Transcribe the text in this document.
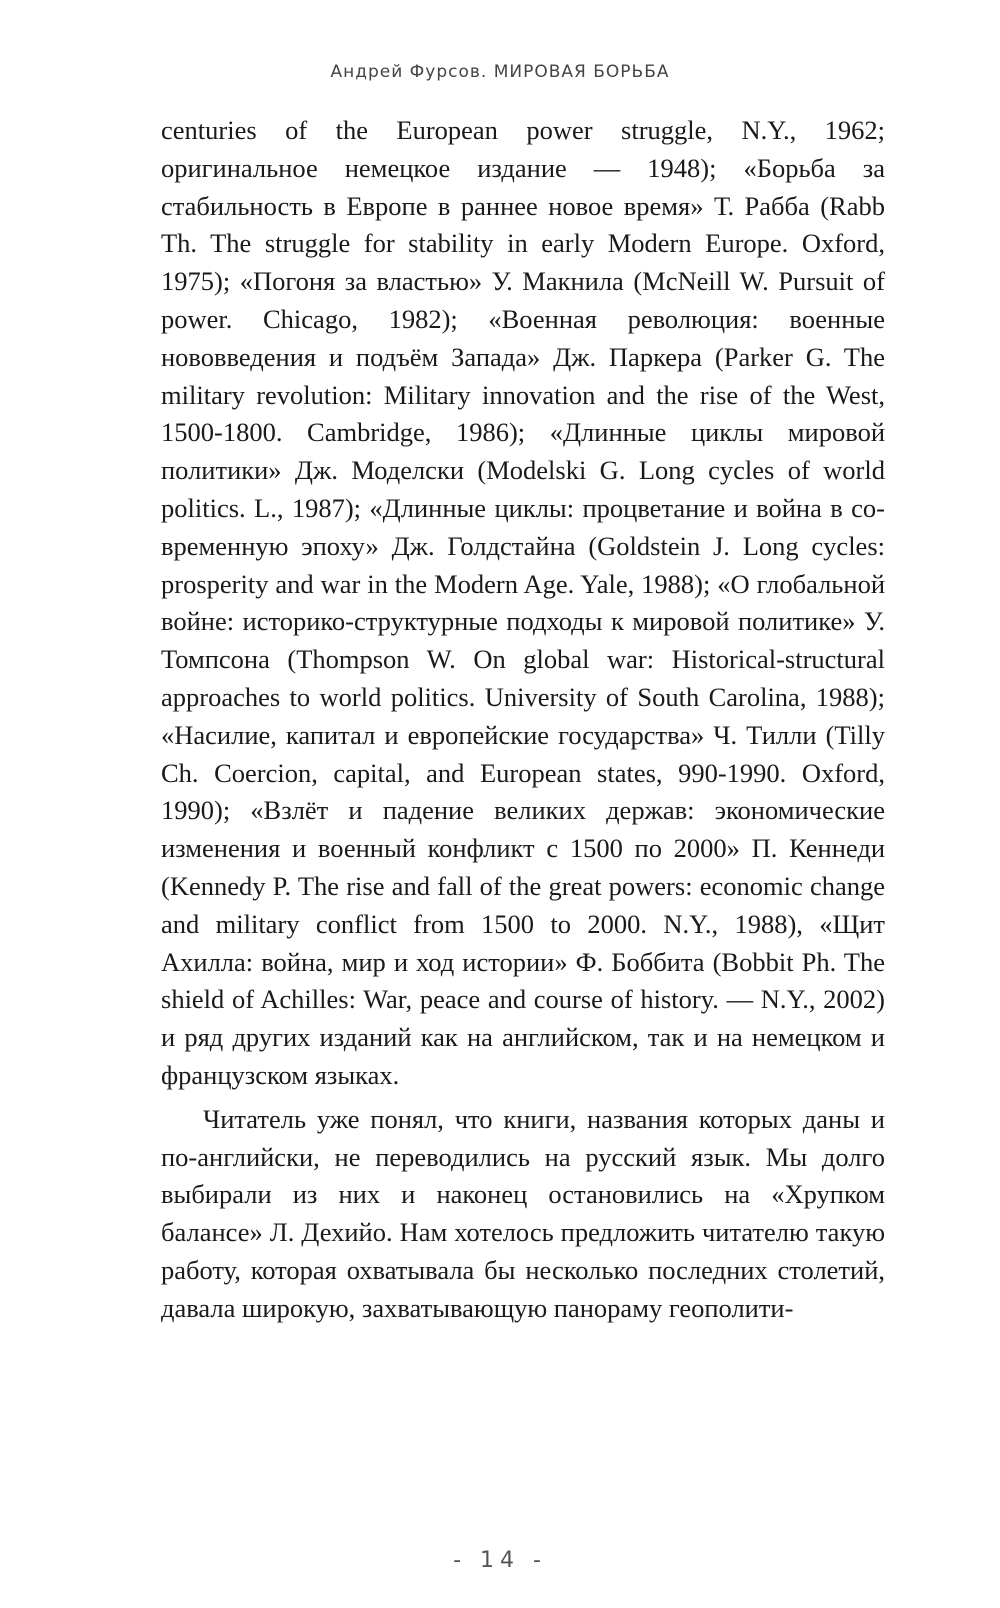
Андрей Фурсов. МИРОВАЯ БОРЬБА

centuries of the European power struggle, N.Y., 1962; оригинальное немецкое издание — 1948); «Борьба за стабильность в Европе в раннее новое время» Т. Рабба (Rabb Th. The struggle for stability in early Modern Europe. Oxford, 1975); «Погоня за властью» У. Макнила (McNeill W. Pursuit of power. Chicago, 1982); «Военная революция: военные нововведения и подъём Запада» Дж. Паркера (Parker G. The military revolution: Military innovation and the rise of the West, 1500-1800. Cambridge, 1986); «Длинные циклы мировой политики» Дж. Моделски (Modelski G. Long cycles of world politics. L., 1987); «Длинные циклы: процветание и война в современную эпоху» Дж. Голдстайна (Goldstein J. Long cycles: prosperity and war in the Modern Age. Yale, 1988); «О глобальной войне: историко-структурные подходы к мировой политике» У. Томпсона (Thompson W. On global war: Historical-structural approaches to world politics. University of South Carolina, 1988); «Насилие, капитал и европейские государства» Ч. Тилли (Tilly Ch. Coercion, capital, and European states, 990-1990. Oxford, 1990); «Взлёт и падение великих держав: экономические изменения и военный конфликт с 1500 по 2000» П. Кеннеди (Kennedy P. The rise and fall of the great powers: economic change and military conflict from 1500 to 2000. N.Y., 1988), «Щит Ахилла: война, мир и ход истории» Ф. Боббита (Bobbit Ph. The shield of Achilles: War, peace and course of history. — N.Y., 2002) и ряд других изданий как на английском, так и на немецком и французском языках.

Читатель уже понял, что книги, названия которых даны и по-английски, не переводились на русский язык. Мы долго выбирали из них и наконец остановились на «Хрупком балансе» Л. Дехийо. Нам хотелось предложить читателю такую работу, которая охватывала бы несколько последних столетий, давала широкую, захватывающую панораму геополити-

- 14 -
